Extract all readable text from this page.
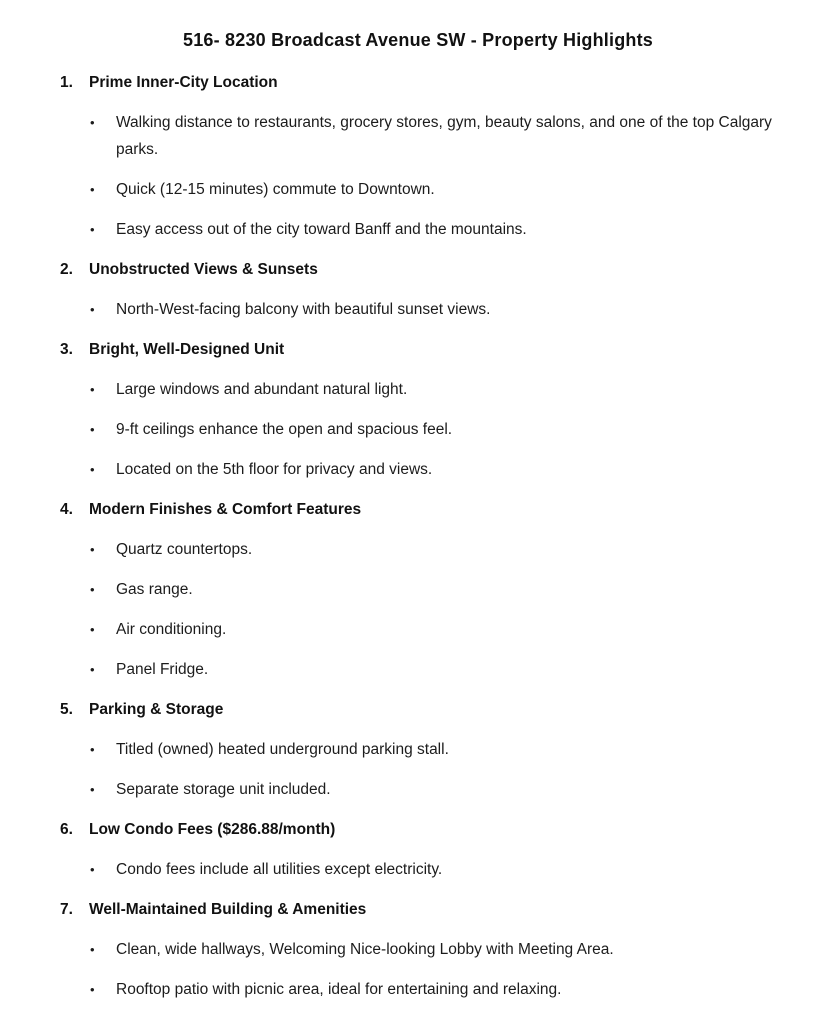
516- 8230 Broadcast Avenue SW - Property Highlights
1.	Prime Inner-City Location
•	Walking distance to restaurants, grocery stores, gym, beauty salons, and one of the top Calgary parks.
•	Quick (12-15 minutes) commute to Downtown.
•	Easy access out of the city toward Banff and the mountains.
2.	Unobstructed Views & Sunsets
•	North-West-facing balcony with beautiful sunset views.
3.	Bright, Well-Designed Unit
•	Large windows and abundant natural light.
•	9-ft ceilings enhance the open and spacious feel.
•	Located on the 5th floor for privacy and views.
4.	Modern Finishes & Comfort Features
•	Quartz countertops.
•	Gas range.
•	Air conditioning.
•	Panel Fridge.
5.	Parking & Storage
•	Titled (owned) heated underground parking stall.
•	Separate storage unit included.
6.	Low Condo Fees ($286.88/month)
•	Condo fees include all utilities except electricity.
7.	Well-Maintained Building & Amenities
•	Clean, wide hallways, Welcoming Nice-looking Lobby with Meeting Area.
•	Rooftop patio with picnic area, ideal for entertaining and relaxing.
